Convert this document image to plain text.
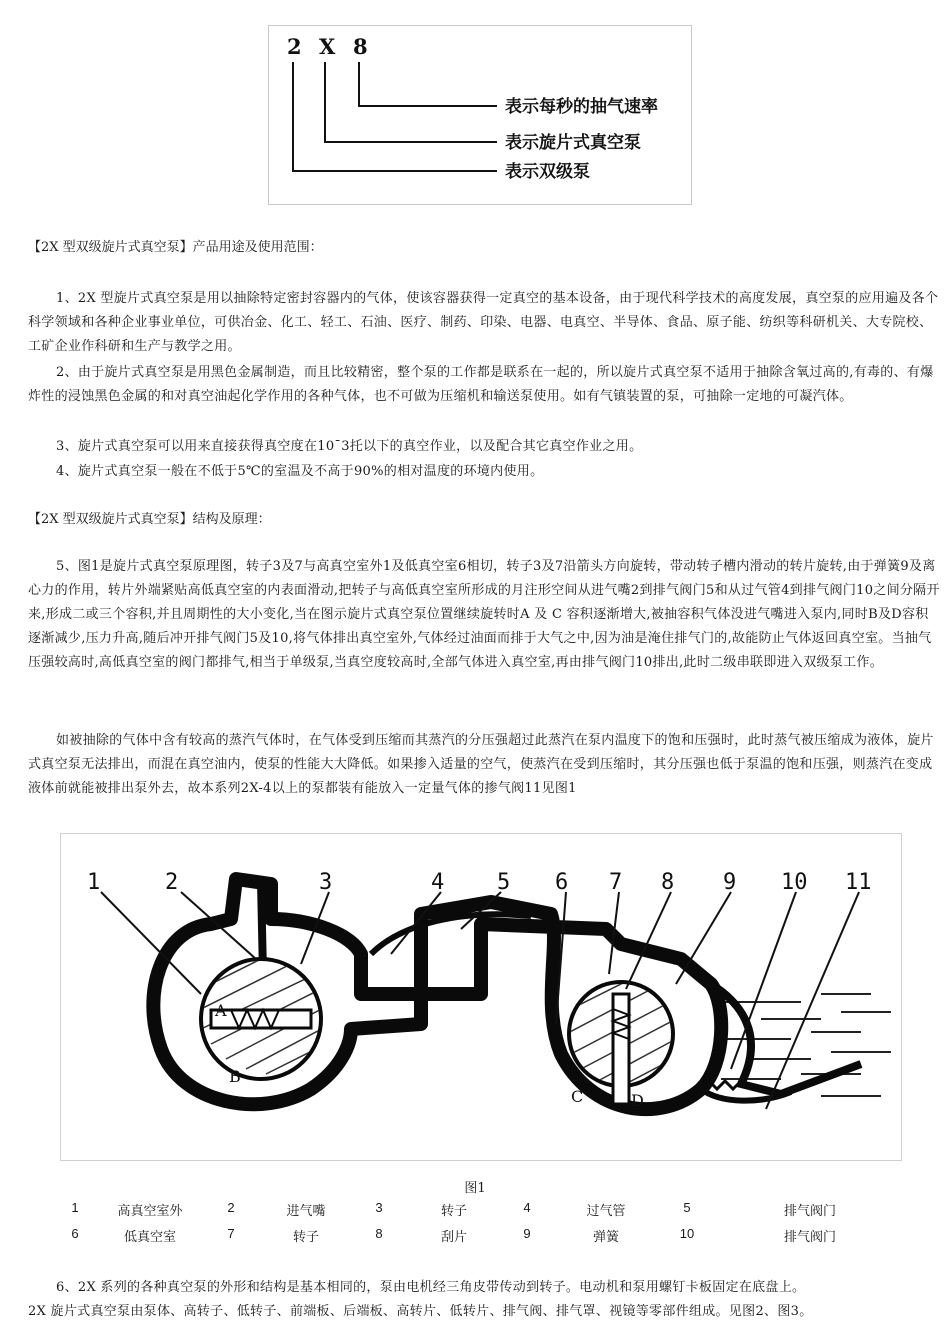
2 X 8
表示每秒的抽气速率
表示旋片式真空泵
表示双级泵

【2X 型双级旋片式真空泵】产品用途及使用范围：

1、2X 型旋片式真空泵是用以抽除特定密封容器内的气体，使该容器获得一定真空的基本设备，由于现代科学技术的高度发展，真空泵的应用遍及各个科学领域和各种企业事业单位，可供冶金、化工、轻工、石油、医疗、制药、印染、电器、电真空、半导体、食品、原子能、纺织等科研机关、大专院校、工矿企业作科研和生产与教学之用。

2、由于旋片式真空泵是用黑色金属制造，而且比较精密，整个泵的工作都是联系在一起的，所以旋片式真空泵不适用于抽除含氧过高的,有毒的、有爆炸性的浸蚀黑色金属的和对真空油起化学作用的各种气体，也不可做为压缩机和输送泵使用。如有气镇装置的泵，可抽除一定地的可凝汽体。

3、旋片式真空泵可以用来直接获得真空度在10ˉ3托以下的真空作业，以及配合其它真空作业之用。

4、旋片式真空泵一般在不低于5℃的室温及不高于90%的相对温度的环境内使用。

【2X 型双级旋片式真空泵】结构及原理：

5、图1是旋片式真空泵原理图，转子3及7与高真空室外1及低真空室6相切，转子3及7沿箭头方向旋转，带动转子槽内滑动的转片旋转,由于弹簧9及离心力的作用，转片外端紧贴高低真空室的内表面滑动,把转子与高低真空室所形成的月注形空间从进气嘴2到排气阀门5和从过气管4到排气阀门10之间分隔开来,形成二或三个容积,并且周期性的大小变化,当在图示旋片式真空泵位置继续旋转时A 及 C 容积逐渐增大,被抽容积气体没进气嘴进入泵内,同时B及D容积逐渐减少,压力升高,随后冲开排气阀门5及10,将气体排出真空室外,气体经过油面而排于大气之中,因为油是淹住排气门的,故能防止气体返回真空室。当抽气压强较高时,高低真空室的阀门都排气,相当于单级泵,当真空度较高时,全部气体进入真空室,再由排气阀门10排出,此时二级串联即进入双级泵工作。

如被抽除的气体中含有较高的蒸汽气体时，在气体受到压缩而其蒸汽的分压强超过此蒸汽在泵内温度下的饱和压强时，此时蒸气被压缩成为液体，旋片式真空泵无法排出，而混在真空油内，使泵的性能大大降低。如果掺入适量的空气，使蒸汽在受到压缩时，其分压强也低于泵温的饱和压强，则蒸汽在变成液体前就能被排出泵外去，故本系列2X-4以上的泵都装有能放入一定量气体的掺气阀11见图1

1	2	3	4 5 6 7 8 9 10 11
A
B
C	D
图1
1	高真空室外	2	进气嘴	3	转子	4	过气管	5	排气阀门
6	低真空室	7	转子	8	刮片	9	弹簧	10	排气阀门

6、2X 系列的各种真空泵的外形和结构是基本相同的，泵由电机经三角皮带传动到转子。电动机和泵用螺钉卡板固定在底盘上。

2X 旋片式真空泵由泵体、高转子、低转子、前端板、后端板、高转片、低转片、排气阀、排气罩、视镜等零部件组成。见图2、图3。
